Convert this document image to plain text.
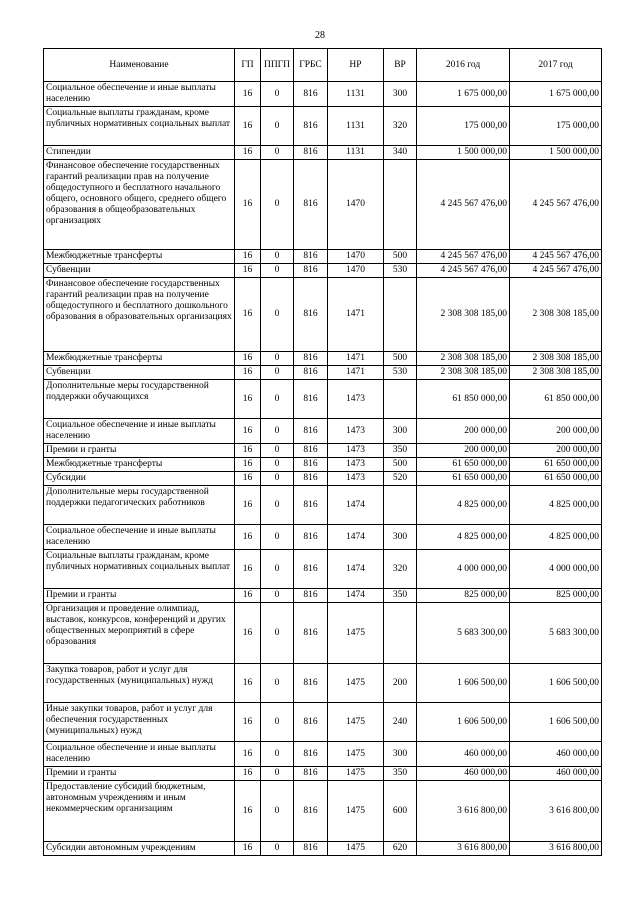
28
Наименование	ГП	ППГП	ГРБС	НР	ВР	2016 год	2017 год
Социальное обеспечение и иные выплаты населению	16	0	816	1131	300	1 675 000,00	1 675 000,00
Социальные выплаты гражданам, кроме публичных нормативных социальных выплат	16	0	816	1131	320	175 000,00	175 000,00
Стипендии	16	0	816	1131	340	1 500 000,00	1 500 000,00
Финансовое обеспечение государственных гарантий реализации прав на получение общедоступного и бесплатного начального общего, основного общего, среднего общего образования в общеобразовательных организациях	16	0	816	1470		4 245 567 476,00	4 245 567 476,00
Межбюджетные трансферты	16	0	816	1470	500	4 245 567 476,00	4 245 567 476,00
Субвенции	16	0	816	1470	530	4 245 567 476,00	4 245 567 476,00
Финансовое обеспечение государственных гарантий реализации прав на получение общедоступного и бесплатного дошкольного образования в образовательных организациях	16	0	816	1471		2 308 308 185,00	2 308 308 185,00
Межбюджетные трансферты	16	0	816	1471	500	2 308 308 185,00	2 308 308 185,00
Субвенции	16	0	816	1471	530	2 308 308 185,00	2 308 308 185,00
Дополнительные меры государственной поддержки обучающихся	16	0	816	1473		61 850 000,00	61 850 000,00
Социальное обеспечение и иные выплаты населению	16	0	816	1473	300	200 000,00	200 000,00
Премии и гранты	16	0	816	1473	350	200 000,00	200 000,00
Межбюджетные трансферты	16	0	816	1473	500	61 650 000,00	61 650 000,00
Субсидии	16	0	816	1473	520	61 650 000,00	61 650 000,00
Дополнительные меры государственной поддержки педагогических работников	16	0	816	1474		4 825 000,00	4 825 000,00
Социальное обеспечение и иные выплаты населению	16	0	816	1474	300	4 825 000,00	4 825 000,00
Социальные выплаты гражданам, кроме публичных нормативных социальных выплат	16	0	816	1474	320	4 000 000,00	4 000 000,00
Премии и гранты	16	0	816	1474	350	825 000,00	825 000,00
Организация и проведение олимпиад, выставок, конкурсов, конференций и других общественных мероприятий в сфере образования	16	0	816	1475		5 683 300,00	5 683 300,00
Закупка товаров, работ и услуг для государственных (муниципальных) нужд	16	0	816	1475	200	1 606 500,00	1 606 500,00
Иные закупки товаров, работ и услуг для обеспечения государственных (муниципальных) нужд	16	0	816	1475	240	1 606 500,00	1 606 500,00
Социальное обеспечение и иные выплаты населению	16	0	816	1475	300	460 000,00	460 000,00
Премии и гранты	16	0	816	1475	350	460 000,00	460 000,00
Предоставление субсидий бюджетным, автономным учреждениям и иным некоммерческим организациям	16	0	816	1475	600	3 616 800,00	3 616 800,00
Субсидии автономным учреждениям	16	0	816	1475	620	3 616 800,00	3 616 800,00
